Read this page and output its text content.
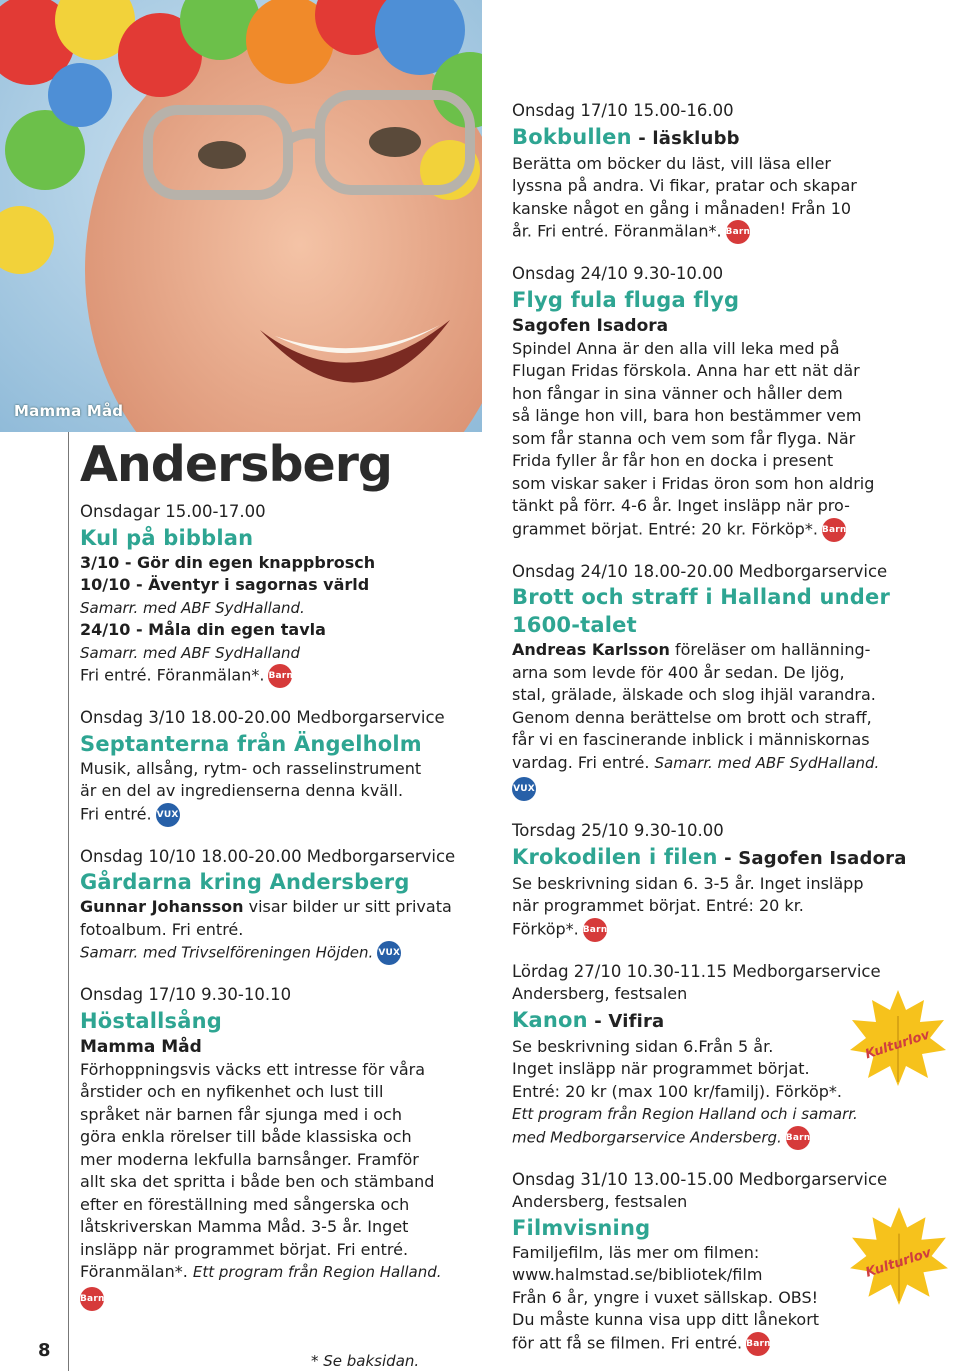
Mamma Måd
8
Andersberg

Onsdagar 15.00-17.00

Kul på bibblan

3/10 - Gör din egen knappbrosch

10/10 - Äventyr i sagornas värld

Samarr. med ABF SydHalland.

24/10 - Måla din egen tavla

Samarr. med ABF SydHalland

Fri entré. Föranmälan*. Barn

Onsdag 3/10 18.00-20.00 Medborgarservice

Septanterna från Ängelholm

Musik, allsång, rytm- och rasselinstrument

är en del av ingredienserna denna kväll.

Fri entré. VUX

Onsdag 10/10 18.00-20.00 Medborgarservice

Gårdarna kring Andersberg

Gunnar Johansson visar bilder ur sitt privata

fotoalbum. Fri entré.

Samarr. med Trivselföreningen Höjden. VUX

Onsdag 17/10 9.30-10.10

Höstallsång

Mamma Måd

Förhoppningsvis väcks ett intresse för våra

årstider och en nyfikenhet och lust till

språket när barnen får sjunga med i och

göra enkla rörelser till både klassiska och

mer moderna lekfulla barnsånger. Framför

allt ska det spritta i både ben och stämband

efter en föreställning med sångerska och

låtskriverskan Mamma Måd. 3-5 år. Inget

insläpp när programmet börjat. Fri entré.

Föranmälan*. Ett program från Region Halland.

Barn

Onsdag 17/10 15.00-16.00

Bokbullen - läsklubb

Berätta om böcker du läst, vill läsa eller

lyssna på andra. Vi fikar, pratar och skapar

kanske något en gång i månaden! Från 10

år. Fri entré. Föranmälan*. Barn

Onsdag 24/10 9.30-10.00

Flyg fula fluga flyg

Sagofen Isadora

Spindel Anna är den alla vill leka med på

Flugan Fridas förskola. Anna har ett nät där

hon fångar in sina vänner och håller dem

så länge hon vill, bara hon bestämmer vem

som får stanna och vem som får flyga. När

Frida fyller år får hon en docka i present

som viskar saker i Fridas öron som hon aldrig

tänkt på förr. 4-6 år. Inget insläpp när pro-

grammet börjat. Entré: 20 kr. Förköp*. Barn

Onsdag 24/10 18.00-20.00 Medborgarservice

Brott och straff i Halland under

1600-talet

Andreas Karlsson föreläser om hallänning-

arna som levde för 400 år sedan. De ljög,

stal, grälade, älskade och slog ihjäl varandra.

Genom denna berättelse om brott och straff,

får vi en fascinerande inblick i människornas

vardag. Fri entré. Samarr. med ABF SydHalland.

VUX

Torsdag 25/10 9.30-10.00

Krokodilen i filen - Sagofen Isadora

Se beskrivning sidan 6. 3-5 år. Inget insläpp

när programmet börjat. Entré: 20 kr.

Förköp*. Barn

Lördag 27/10 10.30-11.15 Medborgarservice

Andersberg, festsalen

Kanon - Vifira

Se beskrivning sidan 6.Från 5 år.

Inget insläpp när programmet börjat.

Entré: 20 kr (max 100 kr/familj). Förköp*.

Ett program från Region Halland och i samarr.

med Medborgarservice Andersberg. Barn

Onsdag 31/10 13.00-15.00 Medborgarservice

Andersberg, festsalen

Filmvisning

Familjefilm, läs mer om filmen:

www.halmstad.se/bibliotek/film

Från 6 år, yngre i vuxet sällskap. OBS!

Du måste kunna visa upp ditt lånekort

för att få se filmen. Fri entré. Barn

Kulturlov
Kulturlov
* Se baksidan.
